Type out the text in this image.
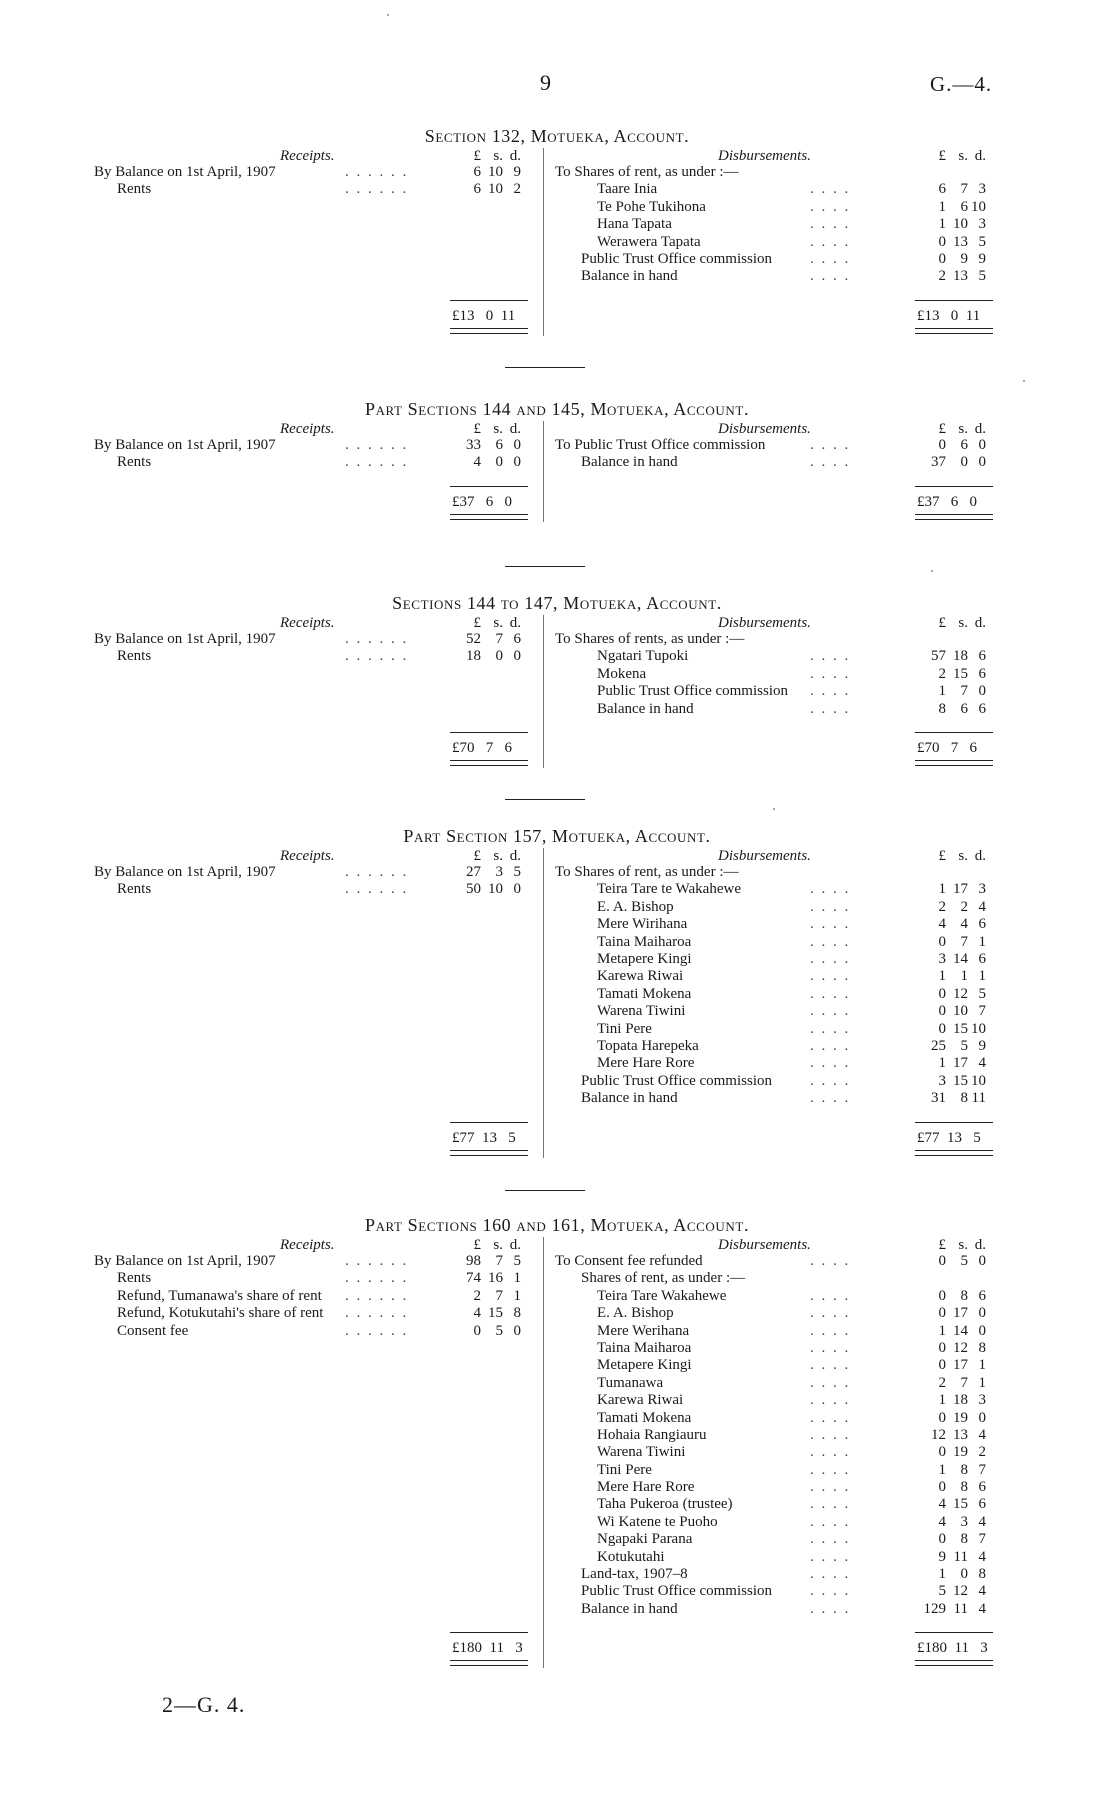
9	G.—4.
2—G. 4.
Section 132, Motueka, Account.
Receipts.	Disbursements.
£ s. d.	£ s. d.
By Balance on 1st April, 1907	. . . . . .	6 10 9
Rents	. . . . . .	6 10 2
To Shares of rent, as under :—
Taare Inia	. . . .	6 7 3
Te Pohe Tukihona	. . . .	1 6 10
Hana Tapata	. . . .	1 10 3
Werawera Tapata	. . . .	0 13 5
Public Trust Office commission	. . . .	0 9 9
Balance in hand	. . . .	2 13 5
£13   0  11	£13   0  11
Part Sections 144 and 145, Motueka, Account.
Receipts.	Disbursements.
£ s. d.	£ s. d.
By Balance on 1st April, 1907	. . . . . .	33 6 0
Rents	. . . . . .	4 0 0
To Public Trust Office commission	. . . .	0 6 0
Balance in hand	. . . .	37 0 0
£37   6   0	£37   6   0
Sections 144 to 147, Motueka, Account.
Receipts.	Disbursements.
£ s. d.	£ s. d.
By Balance on 1st April, 1907	. . . . . .	52 7 6
Rents	. . . . . .	18 0 0
To Shares of rents, as under :—
Ngatari Tupoki	. . . .	57 18 6
Mokena	. . . .	2 15 6
Public Trust Office commission . . . .	1 7 0
Balance in hand	. . . .	8 6 6
£70   7   6	£70   7   6
Part Section 157, Motueka, Account.
Receipts.	Disbursements.
£ s. d.	£ s. d.
By Balance on 1st April, 1907	. . . . . .	27 3 5
Rents	. . . . . .	50 10 0
To Shares of rent, as under :—
Teira Tare te Wakahewe	. . . .	1 17 3
E. A. Bishop	. . . .	2 2 4
Mere Wirihana	. . . .	4 4 6
Taina Maiharoa	. . . .	0 7 1
Metapere Kingi	. . . .	3 14 6
Karewa Riwai	. . . .	1 1 1
Tamati Mokena	. . . .	0 12 5
Warena Tiwini	. . . .	0 10 7
Tini Pere	. . . .	0 15 10
Topata Harepeka	. . . .	25 5 9
Mere Hare Rore	. . . .	1 17 4
Public Trust Office commission	. . . .	3 15 10
Balance in hand	. . . .	31 8 11
£77  13   5	£77  13   5
Part Sections 160 and 161, Motueka, Account.
Receipts.	Disbursements.
£ s. d.	£ s. d.
By Balance on 1st April, 1907	. . . . . .	98 7 5
Rents	. . . . . .	74 16 1
Refund, Tumanawa's share of rent . . . . . .	2 7 1
Refund, Kotukutahi's share of rent . . . . . .	4 15 8
Consent fee	. . . . . .	0 5 0
To Consent fee refunded	. . . .	0 5 0
Shares of rent, as under :—
Teira Tare Wakahewe	. . . .	0 8 6
E. A. Bishop	. . . .	0 17 0
Mere Werihana	. . . .	1 14 0
Taina Maiharoa	. . . .	0 12 8
Metapere Kingi	. . . .	0 17 1
Tumanawa	. . . .	2 7 1
Karewa Riwai	. . . .	1 18 3
Tamati Mokena	. . . .	0 19 0
Hohaia Rangiauru	. . . .	12 13 4
Warena Tiwini	. . . .	0 19 2
Tini Pere	. . . .	1 8 7
Mere Hare Rore	. . . .	0 8 6
Taha Pukeroa (trustee)	. . . .	4 15 6
Wi Katene te Puoho	. . . .	4 3 4
Ngapaki Parana	. . . .	0 8 7
Kotukutahi	. . . .	9 11 4
Land-tax, 1907–8	. . . .	1 0 8
Public Trust Office commission	. . . .	5 12 4
Balance in hand	. . . .	129 11 4
£180  11   3	£180  11   3
